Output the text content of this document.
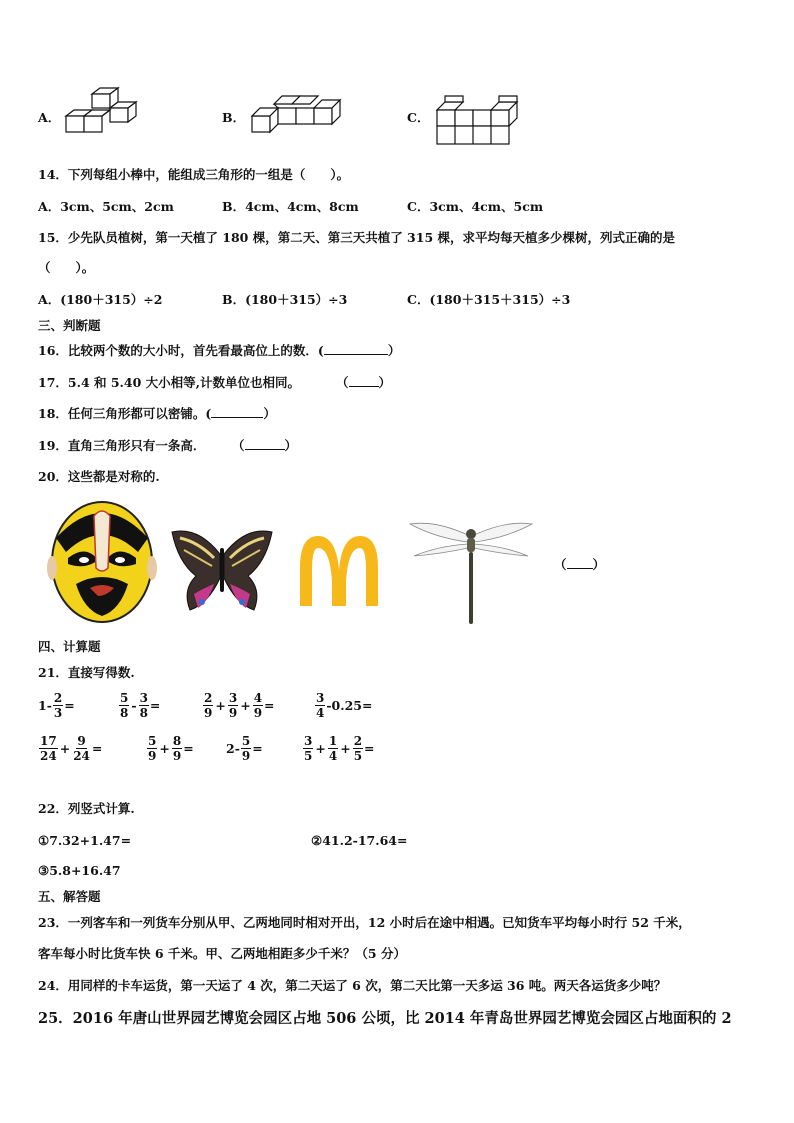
A．	B．	C．
14．下列每组小棒中，能组成三角形的一组是（　　）。
A．3cm、5cm、2cm	B．4cm、4cm、8cm	C．3cm、4cm、5cm
15．少先队员植树，第一天植了 180 棵，第二天、第三天共植了 315 棵，求平均每天植多少棵树，列式正确的是
（　　）。
A．(180＋315）÷2	B．(180＋315）÷3	C．(180＋315＋315）÷3
三、判断题
16．比较两个数的大小时，首先看最高位上的数．(	）
17．5.4 和 5.40 大小相等,计数单位也相同。	（ ）
18．任何三角形都可以密铺。(	）
19．直角三角形只有一条高． （	）
20．这些都是对称的.
（ ）
四、计算题
21．直接写得数.
$1- \frac{2}{3}$ =	$\frac{5}{8} - \frac{3}{8}$ =	$\frac{2}{9} + \frac{3}{9} + \frac{4}{9}$ =	$\frac{3}{4} -0.25=$
$\frac{17}{24} + \frac{9}{24}$ =	$\frac{5}{9} + \frac{8}{9}$ =	$2- \frac{5}{9}$ =	$\frac{3}{5} + \frac{1}{4} + \frac{2}{5}$ =
22．列竖式计算.
①7.32+1.47=	②41.2-17.64=
③5.8+16.47
五、解答题
23．一列客车和一列货车分别从甲、乙两地同时相对开出，12 小时后在途中相遇。已知货车平均每小时行 52 千米，
客车每小时比货车快 6 千米。甲、乙两地相距多少千米？（5 分）
24．用同样的卡车运货，第一天运了 4 次，第二天运了 6 次，第二天比第一天多运 36 吨。两天各运货多少吨？
25．2016 年唐山世界园艺博览会园区占地 506 公顷，比 2014 年青岛世界园艺博览会园区占地面积的 2
